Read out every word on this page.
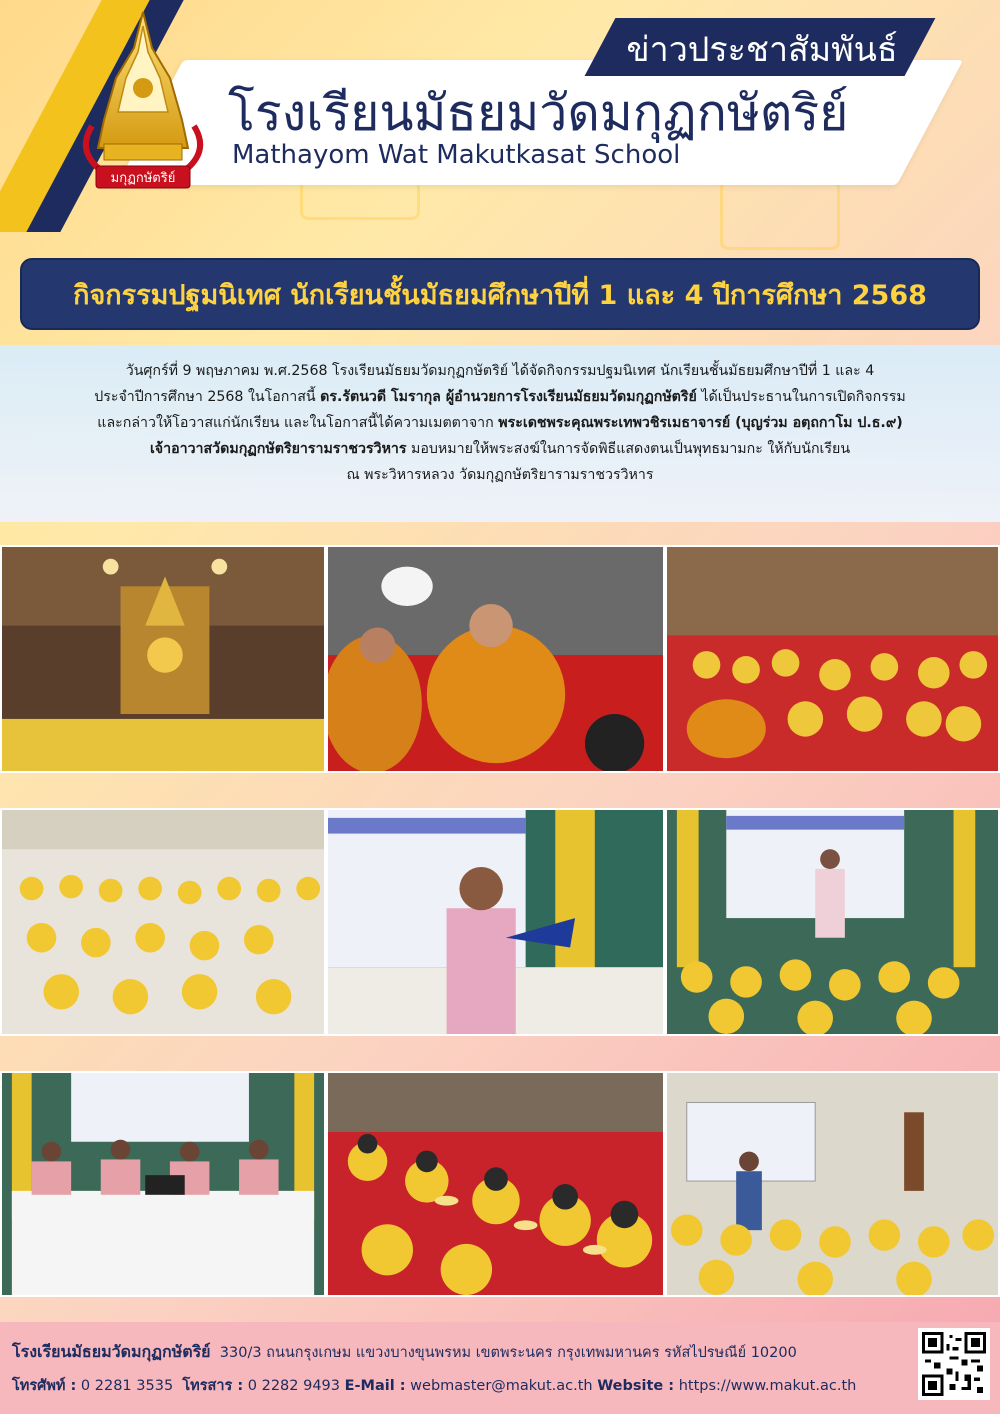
ข่าวประชาสัมพันธ์
โรงเรียนมัธยมวัดมกุฏกษัตริย์
Mathayom Wat Makutkasat School
มกุฏกษัตริย์
กิจกรรมปฐมนิเทศ นักเรียนชั้นมัธยมศึกษาปีที่ 1 และ 4 ปีการศึกษา 2568
วันศุกร์ที่ 9 พฤษภาคม พ.ศ.2568 โรงเรียนมัธยมวัดมกุฏกษัตริย์ ได้จัดกิจกรรมปฐมนิเทศ นักเรียนชั้นมัธยมศึกษาปีที่ 1 และ 4
ประจำปีการศึกษา 2568 ในโอกาสนี้ ดร.รัตนวดี โมรากุล ผู้อำนวยการโรงเรียนมัธยมวัดมกุฏกษัตริย์ ได้เป็นประธานในการเปิดกิจกรรม
และกล่าวให้โอวาสแก่นักเรียน และในโอกาสนี้ได้ความเมตตาจาก พระเดชพระคุณพระเทพวชิรเมธาจารย์ (บุญร่วม อตฺถกาโม ป.ธ.๙)
เจ้าอาวาสวัดมกุฏกษัตริยารามราชวรวิหาร มอบหมายให้พระสงฆ์ในการจัดพิธีแสดงตนเป็นพุทธมามกะ ให้กับนักเรียน
ณ พระวิหารหลวง วัดมกุฏกษัตริยารามราชวรวิหาร
โรงเรียนมัธยมวัดมกุฏกษัตริย์ 330/3 ถนนกรุงเกษม แขวงบางขุนพรหม เขตพระนคร กรุงเทพมหานคร รหัสไปรษณีย์ 10200
โทรศัพท์ : 0 2281 3535 โทรสาร : 0 2282 9493 E-Mail : webmaster@makut.ac.th Website : https://www.makut.ac.th
